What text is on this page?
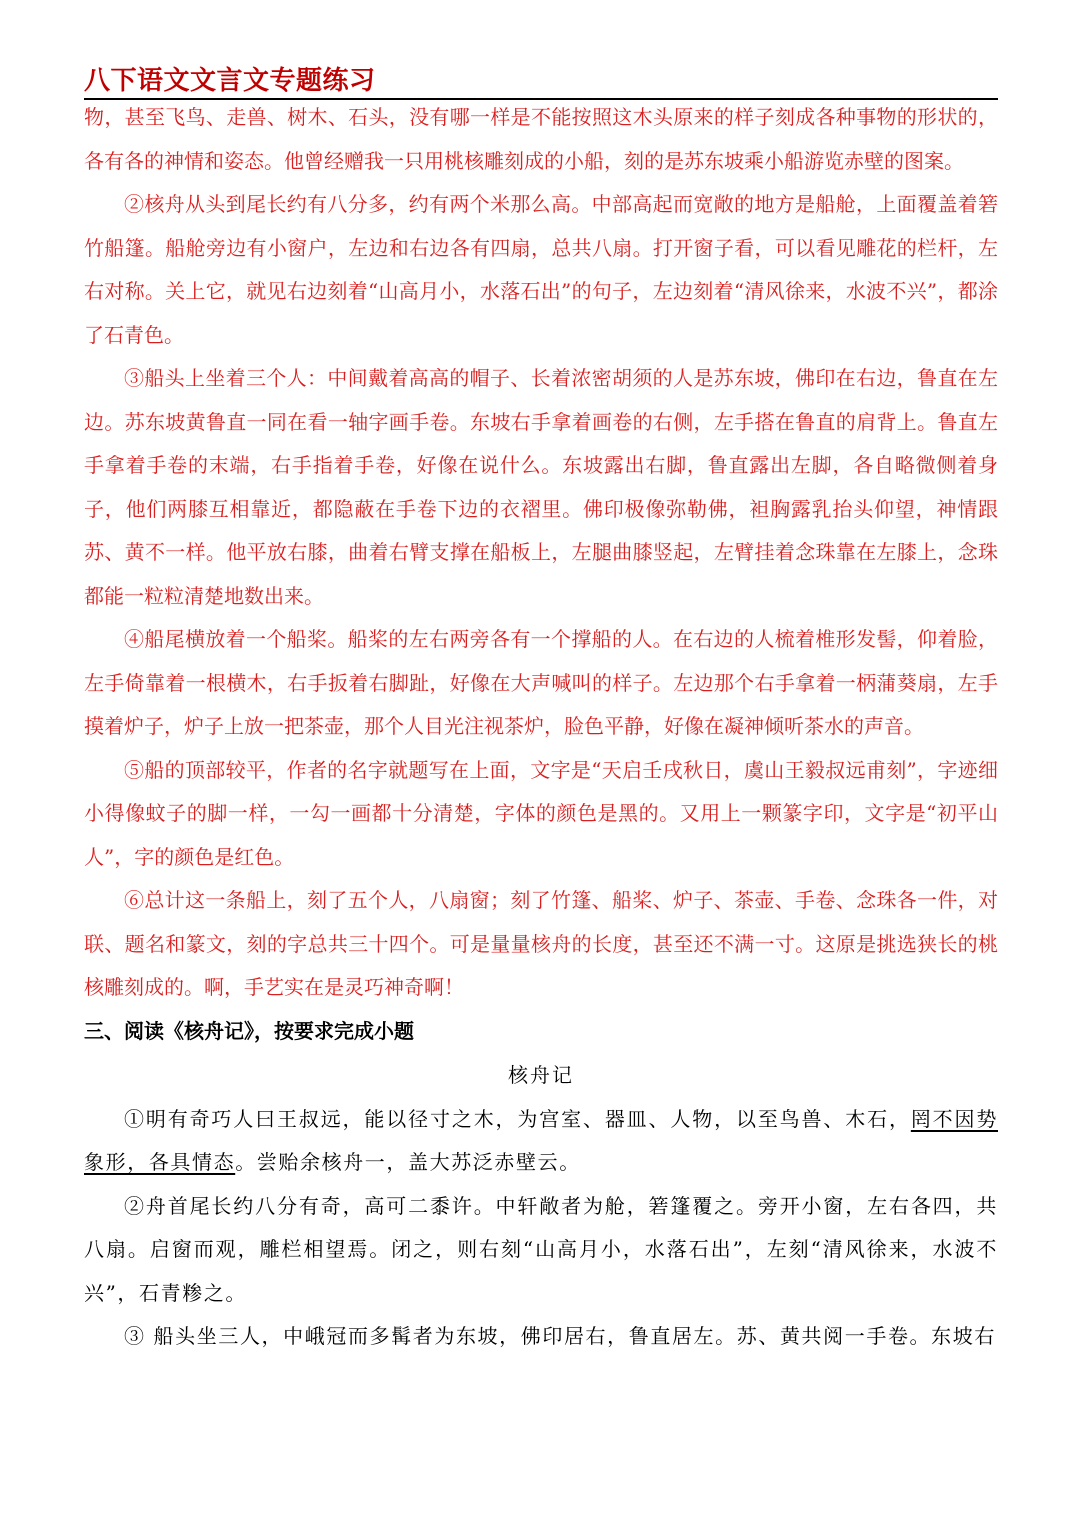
八下语文文言文专题练习

物，甚至飞鸟、走兽、树木、石头，没有哪一样是不能按照这木头原来的样子刻成各种事物的形状的，各有各的神情和姿态。他曾经赠我一只用桃核雕刻成的小船，刻的是苏东坡乘小船游览赤壁的图案。

②核舟从头到尾长约有八分多，约有两个米那么高。中部高起而宽敞的地方是船舱，上面覆盖着箬竹船篷。船舱旁边有小窗户，左边和右边各有四扇，总共八扇。打开窗子看，可以看见雕花的栏杆，左右对称。关上它，就见右边刻着“山高月小，水落石出”的句子，左边刻着“清风徐来，水波不兴”，都涂了石青色。

③船头上坐着三个人：中间戴着高高的帽子、长着浓密胡须的人是苏东坡，佛印在右边，鲁直在左边。苏东坡黄鲁直一同在看一轴字画手卷。东坡右手拿着画卷的右侧，左手搭在鲁直的肩背上。鲁直左手拿着手卷的末端，右手指着手卷，好像在说什么。东坡露出右脚，鲁直露出左脚，各自略微侧着身子，他们两膝互相靠近，都隐蔽在手卷下边的衣褶里。佛印极像弥勒佛，袒胸露乳抬头仰望，神情跟苏、黄不一样。他平放右膝，曲着右臂支撑在船板上，左腿曲膝竖起，左臂挂着念珠靠在左膝上，念珠都能一粒粒清楚地数出来。

④船尾横放着一个船桨。船桨的左右两旁各有一个撑船的人。在右边的人梳着椎形发髻，仰着脸，左手倚靠着一根横木，右手扳着右脚趾，好像在大声喊叫的样子。左边那个右手拿着一柄蒲葵扇，左手摸着炉子，炉子上放一把茶壶，那个人目光注视茶炉，脸色平静，好像在凝神倾听茶水的声音。

⑤船的顶部较平，作者的名字就题写在上面，文字是“天启壬戌秋日，虞山王毅叔远甫刻”，字迹细小得像蚊子的脚一样，一勾一画都十分清楚，字体的颜色是黑的。又用上一颗篆字印，文字是“初平山人”，字的颜色是红色。

⑥总计这一条船上，刻了五个人，八扇窗；刻了竹篷、船桨、炉子、茶壶、手卷、念珠各一件，对联、题名和篆文，刻的字总共三十四个。可是量量核舟的长度，甚至还不满一寸。这原是挑选狭长的桃核雕刻成的。啊，手艺实在是灵巧神奇啊！

三、阅读《核舟记》，按要求完成小题

核舟记

①明有奇巧人曰王叔远，能以径寸之木，为宫室、器皿、人物，以至鸟兽、木石，罔不因势象形，各具情态。尝贻余核舟一，盖大苏泛赤壁云。

②舟首尾长约八分有奇，高可二黍许。中轩敞者为舱，箬篷覆之。旁开小窗，左右各四，共八扇。启窗而观，雕栏相望焉。闭之，则右刻“山高月小，水落石出”，左刻“清风徐来，水波不兴”，石青糁之。

③ 船头坐三人，中峨冠而多髯者为东坡，佛印居右，鲁直居左。苏、黄共阅一手卷。东坡右
